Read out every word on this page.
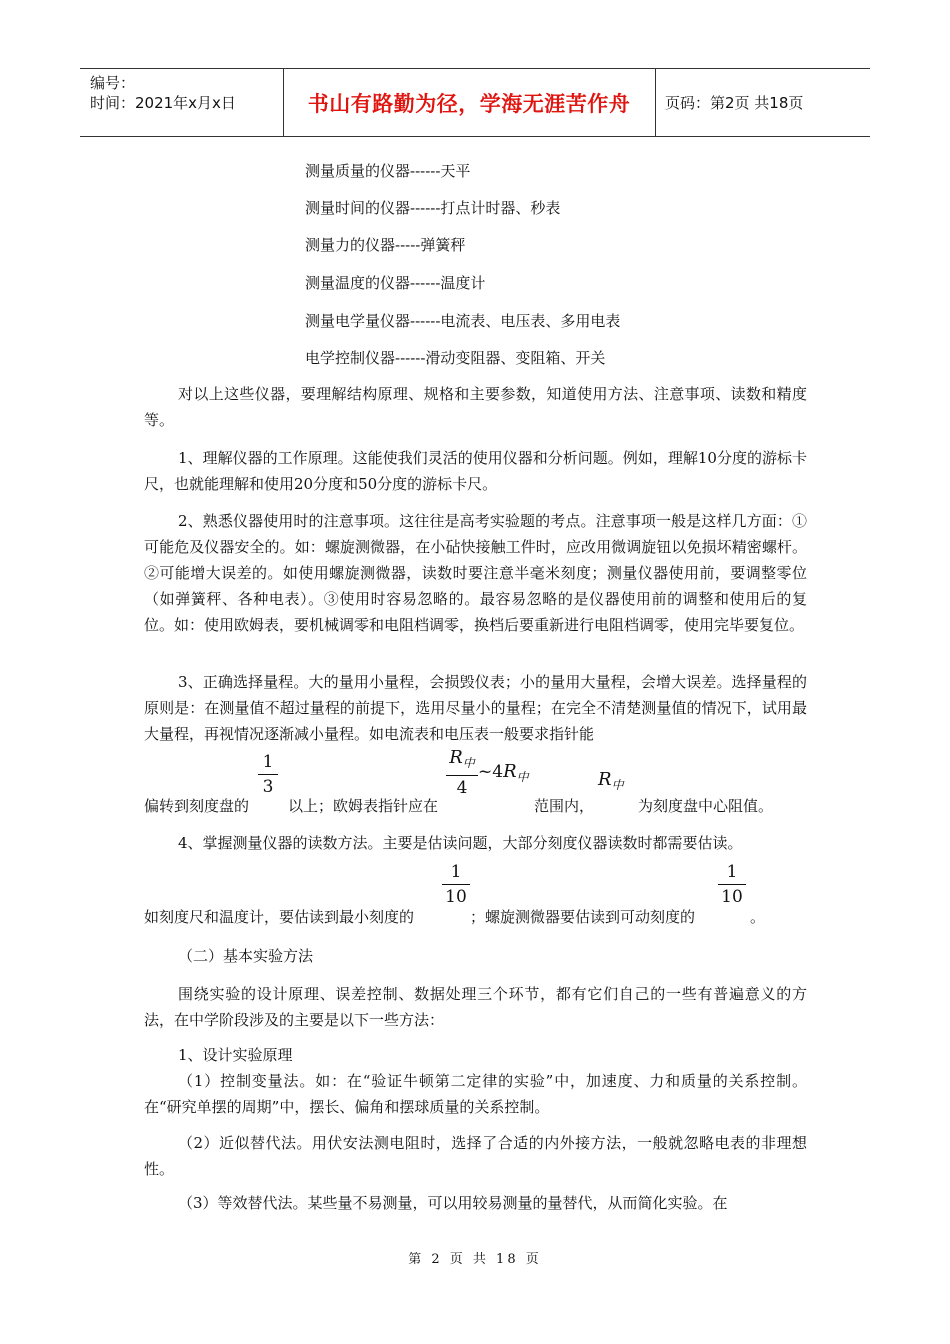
编号：
时间：2021年x月x日	书山有路勤为径，学海无涯苦作舟	页码：第2页 共18页
测量质量的仪器------天平
测量时间的仪器------打点计时器、秒表
测量力的仪器-----弹簧秤
测量温度的仪器------温度计
测量电学量仪器------电流表、电压表、多用电表
电学控制仪器------滑动变阻器、变阻箱、开关

对以上这些仪器，要理解结构原理、规格和主要参数，知道使用方法、注意事项、读数和精度等。

1、理解仪器的工作原理。这能使我们灵活的使用仪器和分析问题。例如，理解10分度的游标卡尺，也就能理解和使用20分度和50分度的游标卡尺。

2、熟悉仪器使用时的注意事项。这往往是高考实验题的考点。注意事项一般是这样几方面：①可能危及仪器安全的。如：螺旋测微器，在小砧快接触工件时，应改用微调旋钮以免损坏精密螺杆。②可能增大误差的。如使用螺旋测微器，读数时要注意半毫米刻度；测量仪器使用前，要调整零位（如弹簧秤、各种电表）。③使用时容易忽略的。最容易忽略的是仪器使用前的调整和使用后的复位。如：使用欧姆表，要机械调零和电阻档调零，换档后要重新进行电阻档调零，使用完毕要复位。

3、正确选择量程。大的量用小量程，会损毁仪表；小的量用大量程，会增大误差。选择量程的原则是：在测量值不超过量程的前提下，选用尽量小的量程；在完全不清楚测量值的情况下，试用最大量程，再视情况逐渐减小量程。如电流表和电压表一般要求指针能

偏转到刻度盘的
1
3
以上；欧姆表指针应在
$R_中$
4
$\sim 4R_中$
范围内，
$R_中$
为刻度盘中心阻值。

4、掌握测量仪器的读数方法。主要是估读问题，大部分刻度仪器读数时都需要估读。

如刻度尺和温度计，要估读到最小刻度的
1
10
；螺旋测微器要估读到可动刻度的
1
10
。
（二）基本实验方法

围绕实验的设计原理、误差控制、数据处理三个环节，都有它们自己的一些有普遍意义的方法，在中学阶段涉及的主要是以下一些方法：

1、设计实验原理

（1）控制变量法。如：在“验证牛顿第二定律的实验”中，加速度、力和质量的关系控制。在“研究单摆的周期”中，摆长、偏角和摆球质量的关系控制。

（2）近似替代法。用伏安法测电阻时，选择了合适的内外接方法，一般就忽略电表的非理想性。

（3）等效替代法。某些量不易测量，可以用较易测量的量替代，从而简化实验。在

第 2 页 共 18 页
